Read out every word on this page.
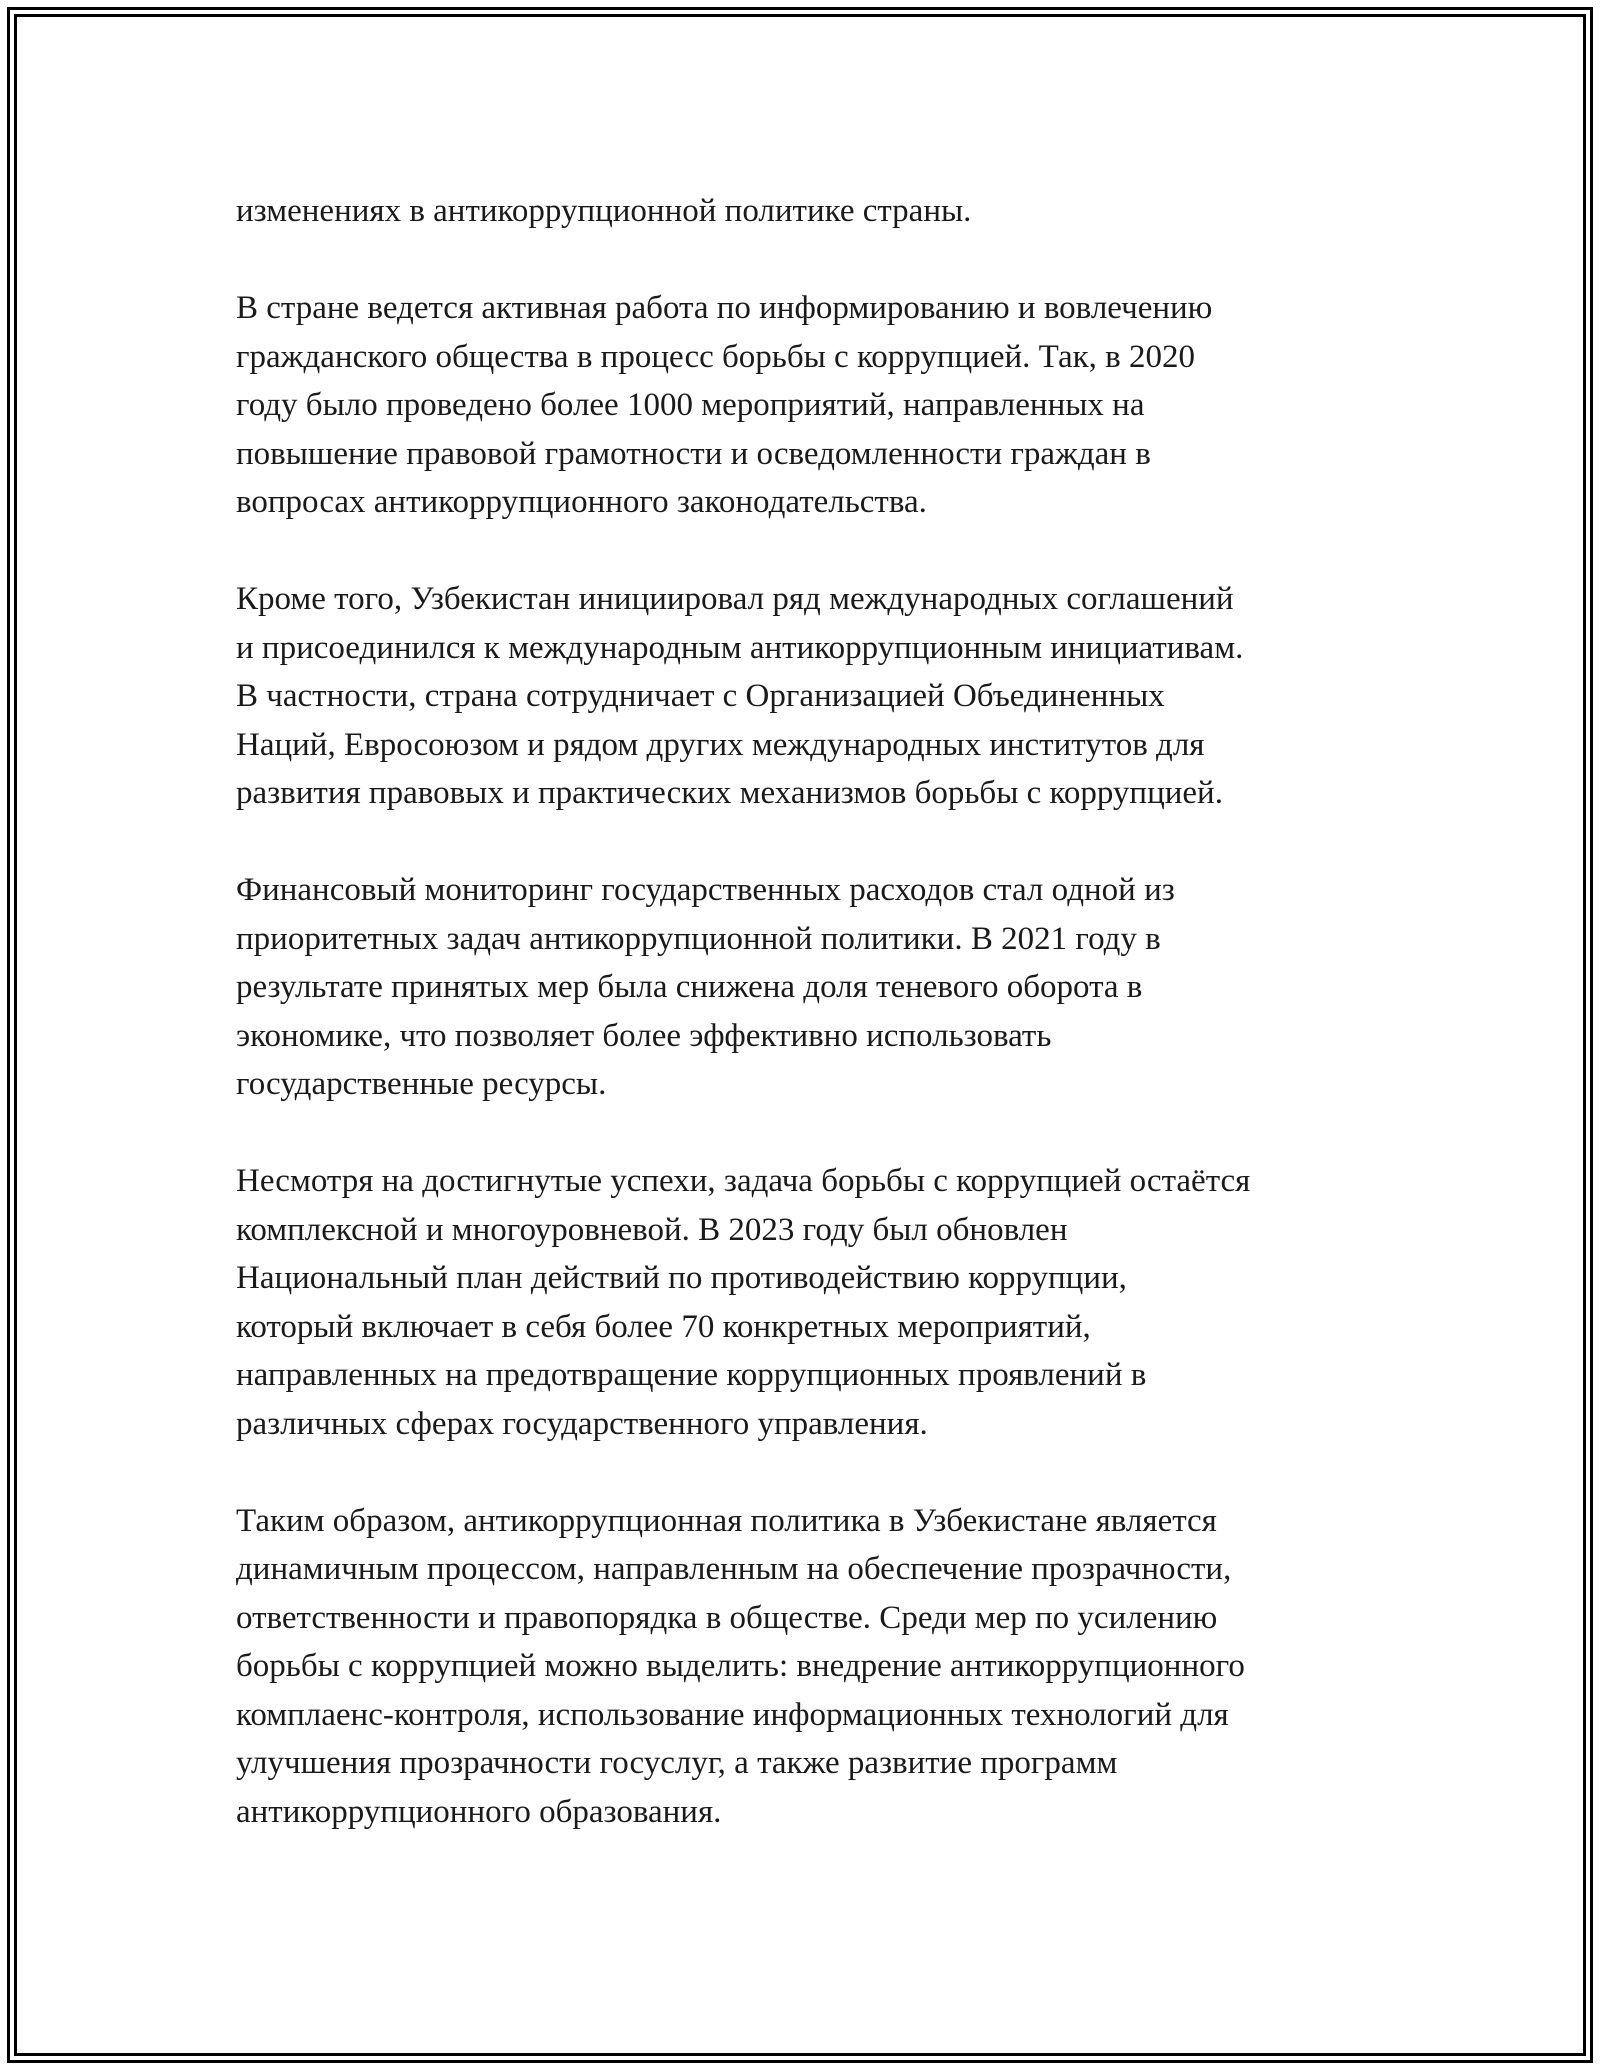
изменениях в антикоррупционной политике страны.

В стране ведется активная работа по информированию и вовлечению
гражданского общества в процесс борьбы с коррупцией. Так, в 2020
году было проведено более 1000 мероприятий, направленных на
повышение правовой грамотности и осведомленности граждан в
вопросах антикоррупционного законодательства.

Кроме того, Узбекистан инициировал ряд международных соглашений
и присоединился к международным антикоррупционным инициативам.
В частности, страна сотрудничает с Организацией Объединенных
Наций, Евросоюзом и рядом других международных институтов для
развития правовых и практических механизмов борьбы с коррупцией.

Финансовый мониторинг государственных расходов стал одной из
приоритетных задач антикоррупционной политики. В 2021 году в
результате принятых мер была снижена доля теневого оборота в
экономике, что позволяет более эффективно использовать
государственные ресурсы.

Несмотря на достигнутые успехи, задача борьбы с коррупцией остаётся
комплексной и многоуровневой. В 2023 году был обновлен
Национальный план действий по противодействию коррупции,
который включает в себя более 70 конкретных мероприятий,
направленных на предотвращение коррупционных проявлений в
различных сферах государственного управления.

Таким образом, антикоррупционная политика в Узбекистане является
динамичным процессом, направленным на обеспечение прозрачности,
ответственности и правопорядка в обществе. Среди мер по усилению
борьбы с коррупцией можно выделить: внедрение антикоррупционного
комплаенс-контроля, использование информационных технологий для
улучшения прозрачности госуслуг, а также развитие программ
антикоррупционного образования.
